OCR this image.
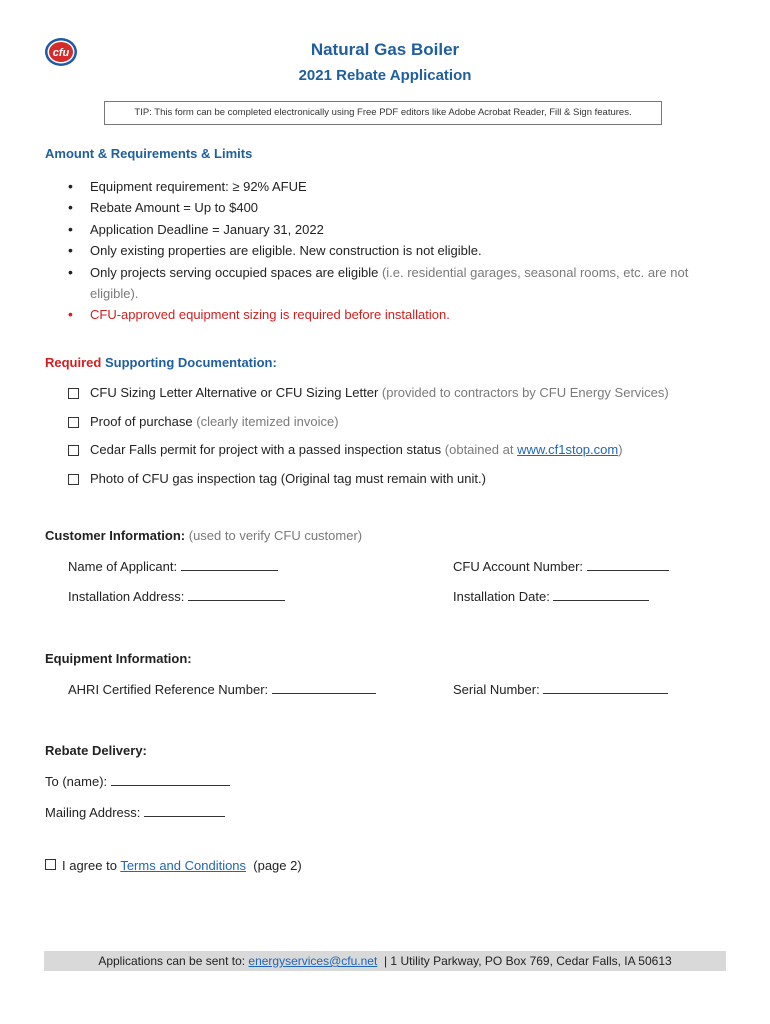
cfu	Natural Gas Boiler
2021 Rebate Application
TIP: This form can be completed electronically using Free PDF editors like Adobe Acrobat Reader, Fill & Sign features.
Amount & Requirements & Limits
• Equipment requirement: ≥ 92% AFUE
• Rebate Amount = Up to $400
• Application Deadline = January 31, 2022
• Only existing properties are eligible. New construction is not eligible.
• Only projects serving occupied spaces are eligible (i.e. residential garages, seasonal rooms, etc. are not eligible).
• CFU-approved equipment sizing is required before installation.
Required Supporting Documentation:
CFU Sizing Letter Alternative or CFU Sizing Letter (provided to contractors by CFU Energy Services)
Proof of purchase (clearly itemized invoice)
Cedar Falls permit for project with a passed inspection status (obtained at www.cf1stop.com)
Photo of CFU gas inspection tag (Original tag must remain with unit.)
Customer Information: (used to verify CFU customer)
Name of Applicant:	CFU Account Number:
Installation Address:	Installation Date:
Equipment Information:
AHRI Certified Reference Number:	Serial Number:
Rebate Delivery:
To (name):
Mailing Address:
I agree to Terms and Conditions  (page 2)
Applications can be sent to: energyservices@cfu.net  | 1 Utility Parkway, PO Box 769, Cedar Falls, IA 50613
